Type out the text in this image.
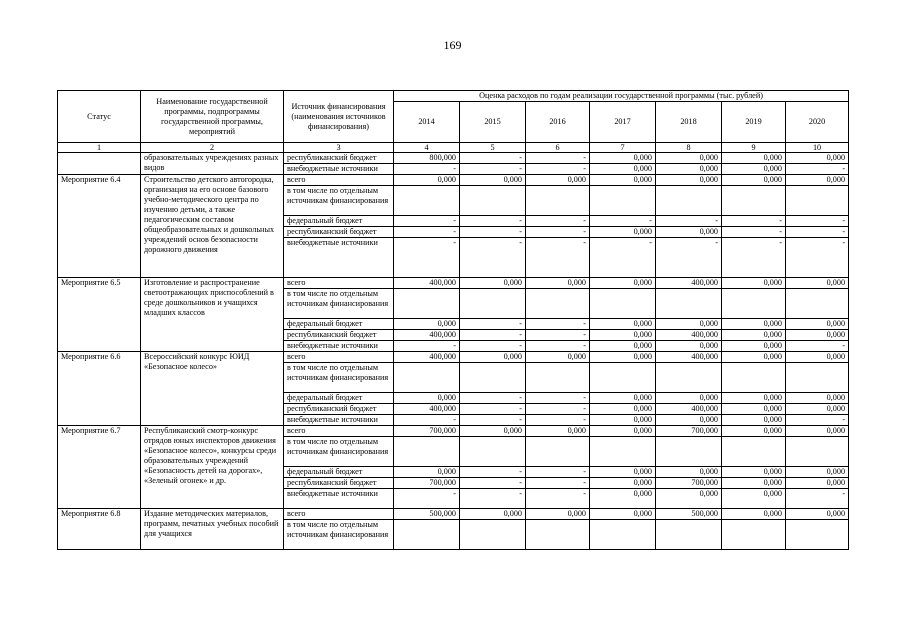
169
Статус	Наименование государственной программы, подпрограммы государственной программы, мероприятий	Источник финансирования (наименования источников финансирования)	Оценка расходов по годам реализации государственной программы (тыс. рублей)						
			2014	2015	2016	2017	2018	2019	2020
1	2	3	4	5	6	7	8	9	10
	образовательных учреждениях разных видов	республиканский бюджет	800,000	-	-	0,000	0,000	0,000	0,000
		внебюджетные источники	-	-	-	0,000	0,000	0,000	-
Мероприятие 6.4	Строительство детского автогородка, организация на его основе базового учебно-методического центра по изучению детьми, а также педагогическим составом общеобразовательных и дошкольных учреждений основ безопасности дорожного движения	всего	0,000	0,000	0,000	0,000	0,000	0,000	0,000
		в том числе по отдельным источникам финансирования							
		федеральный бюджет	-	-	-	-	-	-	-
		республиканский бюджет	-	-	-	0,000	0,000	-	-
		внебюджетные источники	-	-	-	-	-	-	-
Мероприятие 6.5	Изготовление и распространение светоотражающих приспособлений в среде дошкольников и учащихся младших классов	всего	400,000	0,000	0,000	0,000	400,000	0,000	0,000
		в том числе по отдельным источникам финансирования							
		федеральный бюджет	0,000	-	-	0,000	0,000	0,000	0,000
		республиканский бюджет	400,000	-	-	0,000	400,000	0,000	0,000
		внебюджетные источники	-	-	-	0,000	0,000	0,000	-
Мероприятие 6.6	Всероссийский конкурс ЮИД «Безопасное колесо»	всего	400,000	0,000	0,000	0,000	400,000	0,000	0,000
		в том числе по отдельным источникам финансирования							
		федеральный бюджет	0,000	-	-	0,000	0,000	0,000	0,000
		республиканский бюджет	400,000	-	-	0,000	400,000	0,000	0,000
		внебюджетные источники	-	-	-	0,000	0,000	0,000	-
Мероприятие 6.7	Республиканский смотр-конкурс отрядов юных инспекторов движения «Безопасное колесо», конкурсы среди образовательных учреждений «Безопасность детей на дорогах», «Зеленый огонек» и др.	всего	700,000	0,000	0,000	0,000	700,000	0,000	0,000
		в том числе по отдельным источникам финансирования							
		федеральный бюджет	0,000	-	-	0,000	0,000	0,000	0,000
		республиканский бюджет	700,000	-	-	0,000	700,000	0,000	0,000
		внебюджетные источники	-	-	-	0,000	0,000	0,000	-
Мероприятие 6.8	Издание методических материалов, программ, печатных учебных пособий для учащихся	всего	500,000	0,000	0,000	0,000	500,000	0,000	0,000
		в том числе по отдельным источникам финансирования							
